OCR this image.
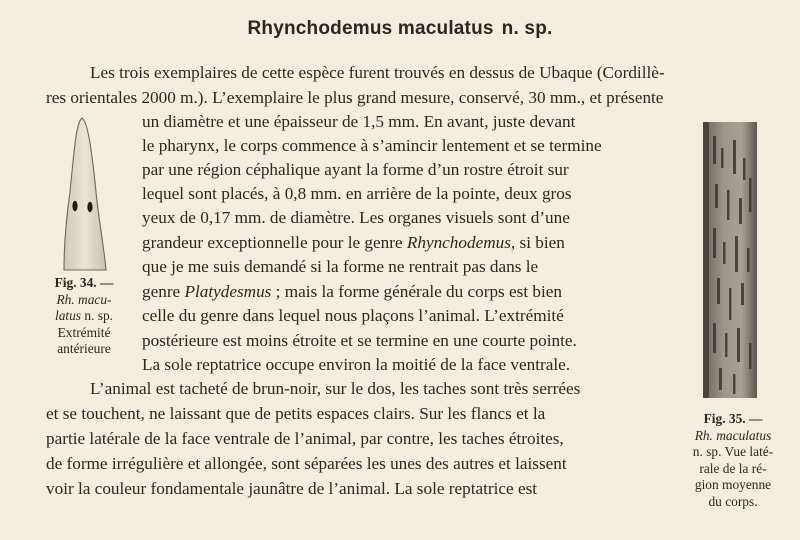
Rhynchodemus maculatus n. sp.
Les trois exemplaires de cette espèce furent trouvés en dessus de Ubaque (Cordillè-
res orientales 2000 m.). L’exemplaire le plus grand mesure, conservé, 30 mm., et présente
un diamètre et une épaisseur de 1,5 mm. En avant, juste devant
le pharynx, le corps commence à s’amincir lentement et se termine
par une région céphalique ayant la forme d’un rostre étroit sur
lequel sont placés, à 0,8 mm. en arrière de la pointe, deux gros
yeux de 0,17 mm. de diamètre. Les organes visuels sont d’une
grandeur exceptionnelle pour le genre Rhynchodemus, si bien
que je me suis demandé si la forme ne rentrait pas dans le
genre Platydesmus ; mais la forme générale du corps est bien
celle du genre dans lequel nous plaçons l’animal. L’extrémité
postérieure est moins étroite et se termine en une courte pointe.
La sole reptatrice occupe environ la moitié de la face ventrale.
L’animal est tacheté de brun-noir, sur le dos, les taches sont très serrées
et se touchent, ne laissant que de petits espaces clairs. Sur les flancs et la
partie latérale de la face ventrale de l’animal, par contre, les taches étroites,
de forme irrégulière et allongée, sont séparées les unes des autres et laissent
voir la couleur fondamentale jaunâtre de l’animal. La sole reptatrice est
Fig. 34. —
Rh. macu-
latus n. sp.
Extrémité
antérieure
Fig. 35. —
Rh. maculatus
n. sp. Vue laté-
rale de la ré-
gion moyenne
du corps.
